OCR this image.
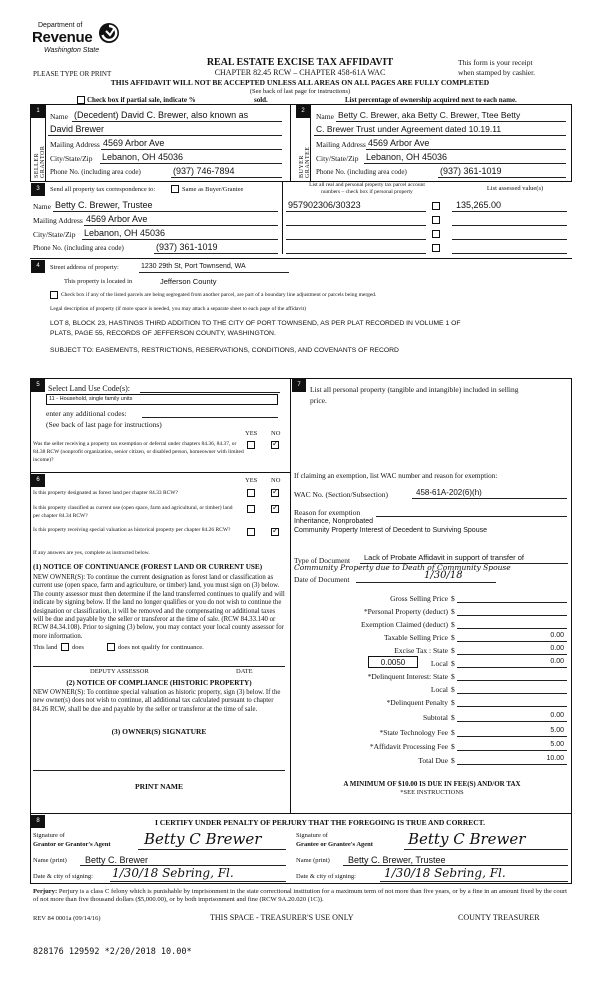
Department of
Revenue
Washington State
REAL ESTATE EXCISE TAX AFFIDAVIT
CHAPTER 82.45 RCW – CHAPTER 458-61A WAC
This form is your receipt
when stamped by cashier.
PLEASE TYPE OR PRINT
THIS AFFIDAVIT WILL NOT BE ACCEPTED UNLESS ALL AREAS ON ALL PAGES ARE FULLY COMPLETED
(See back of last page for instructions)
Check box if partial sale, indicate %	sold.	List percentage of ownership acquired next to each name.
1
SELLER GRANTOR
Name (Decedent) David C. Brewer, also known as
David Brewer
Mailing Address 4569 Arbor Ave
City/State/Zip Lebanon, OH 45036
Phone No. (including area code)	(937) 746-7894
2
BUYER GRANTEE
Name Betty C. Brewer, aka Betty C. Brewer, Ttee Betty
C. Brewer Trust under Agreement dated 10.19.11
Mailing Address 4569 Arbor Ave
City/State/Zip Lebanon, OH 45036
Phone No. (including area code)	(937) 361-1019
3	Send all property tax correspondence to:	Same as Buyer/Grantee
List all real and personal property tax parcel account
numbers – check box if personal property	List assessed value(s)
Name Betty C. Brewer, Trustee
Mailing Address 4569 Arbor Ave
City/State/Zip Lebanon, OH 45036
Phone No. (including area code)	(937) 361-1019
957902306/30323	135,265.00
4	Street address of property:	1230 29th St, Port Townsend, WA
This property is located in	Jefferson County
Check box if any of the listed parcels are being segregated from another parcel, are part of a boundary line adjustment or parcels being merged.
Legal description of property (if more space is needed, you may attach a separate sheet to each page of the affidavit)
LOT 8, BLOCK 23, HASTINGS THIRD ADDITION TO THE CITY OF PORT TOWNSEND, AS PER PLAT RECORDED IN VOLUME 1 OF
PLATS, PAGE 55, RECORDS OF JEFFERSON COUNTY, WASHINGTON.
SUBJECT TO: EASEMENTS, RESTRICTIONS, RESERVATIONS, CONDITIONS, AND COVENANTS OF RECORD
5	Select Land Use Code(s):
11 - Household, single family units
enter any additional codes:
(See back of last page for instructions)
YES NO
Was the seller receiving a property tax exemption or deferral under chapters 84.36, 84.37, or 84.38 RCW (nonprofit organization, senior citizen, or disabled person, homeowner with limited income)?
✓
7	List all personal property (tangible and intangible) included in selling
price.
6	YES NO
Is this property designated as forest land per chapter 84.33 RCW?
✓
Is this property classified as current use (open space, farm and agricultural, or timber) land per chapter 84.34 RCW?
✓
Is this property receiving special valuation as historical property per chapter 84.26 RCW?
✓
If any answers are yes, complete as instructed below.
(1) NOTICE OF CONTINUANCE (FOREST LAND OR CURRENT USE)
NEW OWNER(S): To continue the current designation as forest land or classification as current use (open space, farm and agriculture, or timber) land, you must sign on (3) below. The county assessor must then determine if the land transferred continues to qualify and will indicate by signing below. If the land no longer qualifies or you do not wish to continue the designation or classification, it will be removed and the compensating or additional taxes will be due and payable by the seller or transferor at the time of sale. (RCW 84.33.140 or RCW 84.34.108). Prior to signing (3) below, you may contact your local county assessor for more information.
This land does	does not qualify for continuance.
DEPUTY ASSESSOR	DATE
(2) NOTICE OF COMPLIANCE (HISTORIC PROPERTY)
NEW OWNER(S): To continue special valuation as historic property, sign (3) below. If the new owner(s) does not wish to continue, all additional tax calculated pursuant to chapter 84.26 RCW, shall be due and payable by the seller or transferor at the time of sale.
(3) OWNER(S) SIGNATURE
PRINT NAME
If claiming an exemption, list WAC number and reason for exemption:
WAC No. (Section/Subsection)	458-61A-202(6)(h)
Reason for exemption
Inheritance, Nonprobated
Community Property Interest of Decedent to Surviving Spouse
Type of Document Lack of Probate Affidavit in support of transfer of
Community Property due to Death of Community Spouse
Date of Document	1/30/18
Gross Selling Price $
*Personal Property (deduct) $
Exemption Claimed (deduct) $
Taxable Selling Price $	0.00
Excise Tax : State $	0.00
Local $	0.00
*Delinquent Interest: State $
Local $
*Delinquent Penalty $
Subtotal $	0.00
*State Technology Fee $	5.00
*Affidavit Processing Fee $	5.00
Total Due $	10.00
0.0050
A MINIMUM OF $10.00 IS DUE IN FEE(S) AND/OR TAX
*SEE INSTRUCTIONS
8	I CERTIFY UNDER PENALTY OF PERJURY THAT THE FOREGOING IS TRUE AND CORRECT.
Signature of
Grantor or Grantor's Agent Betty C Brewer	Signature of
Grantee or Grantee's Agent Betty C Brewer
Name (print) Betty C. Brewer	Name (print) Betty C. Brewer, Trustee
Date & city of signing: 1/30/18 Sebring, Fl.	Date & city of signing: 1/30/18 Sebring, Fl.
Perjury: Perjury is a class C felony which is punishable by imprisonment in the state correctional institution for a maximum term of not more than five years, or by a fine in an amount fixed by the court of not more than five thousand dollars ($5,000.00), or by both imprisonment and fine (RCW 9A.20.020 (1C)).
REV 84 0001a (09/14/16)	THIS SPACE - TREASURER'S USE ONLY	COUNTY TREASURER
828176 129592 *2/20/2018 10.00*
